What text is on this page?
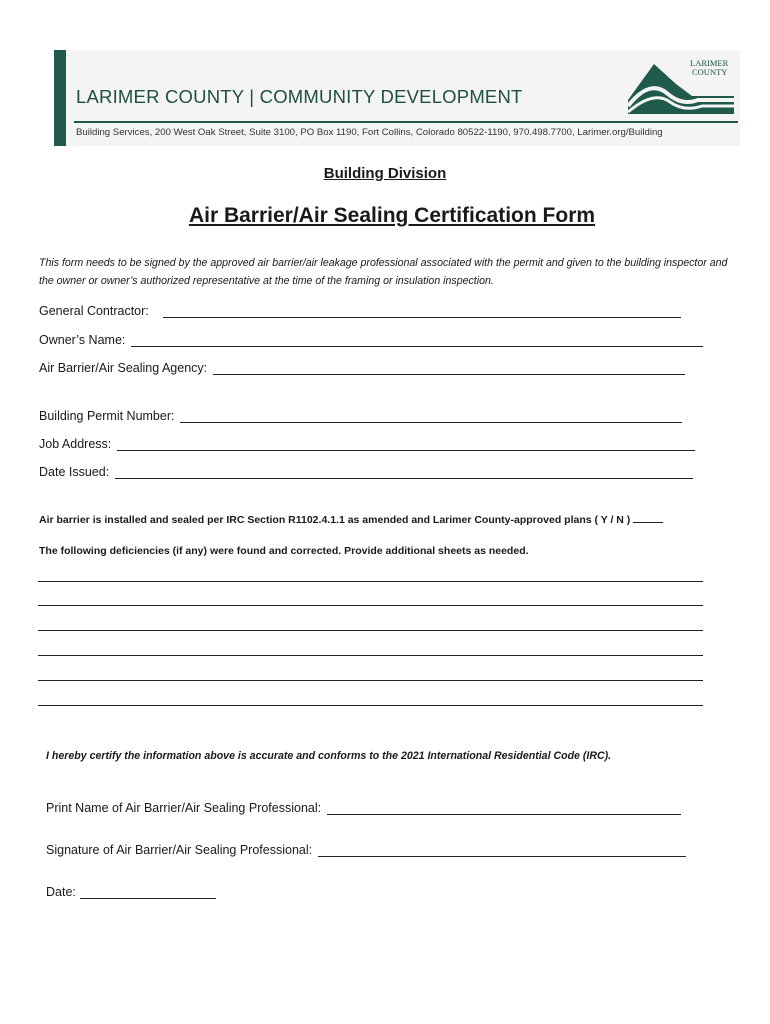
LARIMER COUNTY | COMMUNITY DEVELOPMENT
Building Services, 200 West Oak Street, Suite 3100, PO Box 1190, Fort Collins, Colorado 80522-1190, 970.498.7700, Larimer.org/Building
LARIMER
COUNTY
Building Division
Air Barrier/Air Sealing Certification Form
This form needs to be signed by the approved air barrier/air leakage professional associated with the permit and given to the building inspector and the owner or owner’s authorized representative at the time of the framing or insulation inspection.
General Contractor:
Owner’s Name:
Air Barrier/Air Sealing Agency:
Building Permit Number:
Job Address:
Date Issued:
Air barrier is installed and sealed per IRC Section R1102.4.1.1 as amended and Larimer County-approved plans ( Y / N )
The following deficiencies (if any) were found and corrected. Provide additional sheets as needed.
I hereby certify the information above is accurate and conforms to the 2021 International Residential Code (IRC).
Print Name of Air Barrier/Air Sealing Professional:
Signature of Air Barrier/Air Sealing Professional:
Date:
